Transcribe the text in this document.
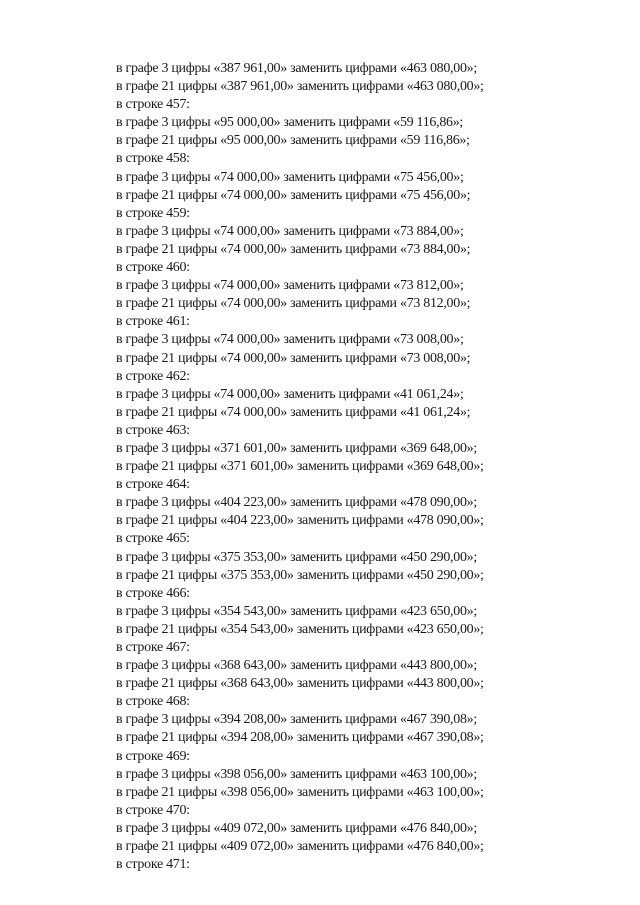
в графе 3 цифры «387 961,00» заменить цифрами «463 080,00»;
в графе 21 цифры «387 961,00» заменить цифрами «463 080,00»;
в строке 457:
в графе 3 цифры «95 000,00» заменить цифрами «59 116,86»;
в графе 21 цифры «95 000,00» заменить цифрами «59 116,86»;
в строке 458:
в графе 3 цифры «74 000,00» заменить цифрами «75 456,00»;
в графе 21 цифры «74 000,00» заменить цифрами «75 456,00»;
в строке 459:
в графе 3 цифры «74 000,00» заменить цифрами «73 884,00»;
в графе 21 цифры «74 000,00» заменить цифрами «73 884,00»;
в строке 460:
в графе 3 цифры «74 000,00» заменить цифрами «73 812,00»;
в графе 21 цифры «74 000,00» заменить цифрами «73 812,00»;
в строке 461:
в графе 3 цифры «74 000,00» заменить цифрами «73 008,00»;
в графе 21 цифры «74 000,00» заменить цифрами «73 008,00»;
в строке 462:
в графе 3 цифры «74 000,00» заменить цифрами «41 061,24»;
в графе 21 цифры «74 000,00» заменить цифрами «41 061,24»;
в строке 463:
в графе 3 цифры «371 601,00» заменить цифрами «369 648,00»;
в графе 21 цифры «371 601,00» заменить цифрами «369 648,00»;
в строке 464:
в графе 3 цифры «404 223,00» заменить цифрами «478 090,00»;
в графе 21 цифры «404 223,00» заменить цифрами «478 090,00»;
в строке 465:
в графе 3 цифры «375 353,00» заменить цифрами «450 290,00»;
в графе 21 цифры «375 353,00» заменить цифрами «450 290,00»;
в строке 466:
в графе 3 цифры «354 543,00» заменить цифрами «423 650,00»;
в графе 21 цифры «354 543,00» заменить цифрами «423 650,00»;
в строке 467:
в графе 3 цифры «368 643,00» заменить цифрами «443 800,00»;
в графе 21 цифры «368 643,00» заменить цифрами «443 800,00»;
в строке 468:
в графе 3 цифры «394 208,00» заменить цифрами «467 390,08»;
в графе 21 цифры «394 208,00» заменить цифрами «467 390,08»;
в строке 469:
в графе 3 цифры «398 056,00» заменить цифрами «463 100,00»;
в графе 21 цифры «398 056,00» заменить цифрами «463 100,00»;
в строке 470:
в графе 3 цифры «409 072,00» заменить цифрами «476 840,00»;
в графе 21 цифры «409 072,00» заменить цифрами «476 840,00»;
в строке 471:
